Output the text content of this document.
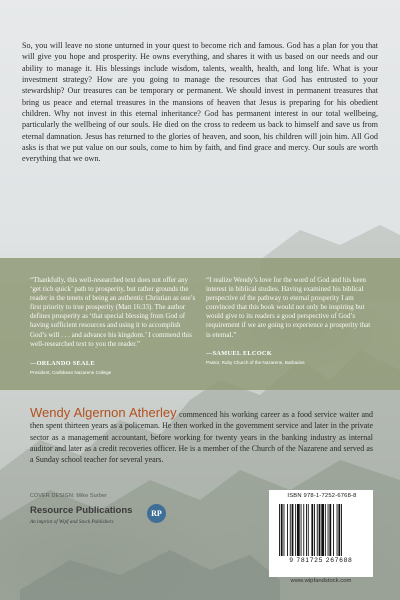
So, you will leave no stone unturned in your quest to become rich and famous. God has a plan for you that will give you hope and prosperity. He owns everything, and shares it with us based on our needs and our ability to manage it. His blessings include wisdom, talents, wealth, health, and long life. What is your investment strategy? How are you going to manage the resources that God has entrusted to your stewardship? Our treasures can be temporary or permanent. We should invest in permanent treasures that bring us peace and eternal treasures in the mansions of heaven that Jesus is preparing for his obedient children. Why not invest in this eternal inheritance? God has permanent interest in our total wellbeing, particularly the wellbeing of our souls. He died on the cross to redeem us back to himself and save us from eternal damnation. Jesus has returned to the glories of heaven, and soon, his children will join him. All God asks is that we put value on our souls, come to him by faith, and find grace and mercy. Our souls are worth everything that we own.

“Thankfully, this well-researched text does not offer any ‘get rich quick’ path to prosperity, but rather grounds the reader in the tenets of being an authentic Christian as one’s first priority to true prosperity (Matt 16:33). The author defines prosperity as ‘that special blessing from God of having sufficient resources and using it to accomplish God’s will . . . and advance his kingdom.’ I commend this well-researched text to you the reader.”

—ORLANDO SEALE
President, Caribbean Nazarene College

“I realize Wendy’s love for the word of God and his keen interest in biblical studies. Having examined his biblical perspective of the pathway to eternal prosperity I am convinced that this book would not only be inspiring but would give to its readers a good perspective of God’s requirement if we are going to experience a prosperity that is eternal.”

—SAMUEL ELCOCK
Pastor, Ruby Church of the Nazarene, Barbados

Wendy Algernon Atherley commenced his working career as a food service waiter and then spent thirteen years as a policeman. He then worked in the government service and later in the private sector as a management accountant, before working for twenty years in the banking industry as internal auditor and later as a credit recoveries officer. He is a member of the Church of the Nazarene and served as a Sunday school teacher for several years.

COVER DESIGN: Mike Surber
Resource Publications
An imprint of Wipf and Stock Publishers
RP
ISBN 978-1-7252-6768-8
9 781725 267688
www.wipfandstock.com
